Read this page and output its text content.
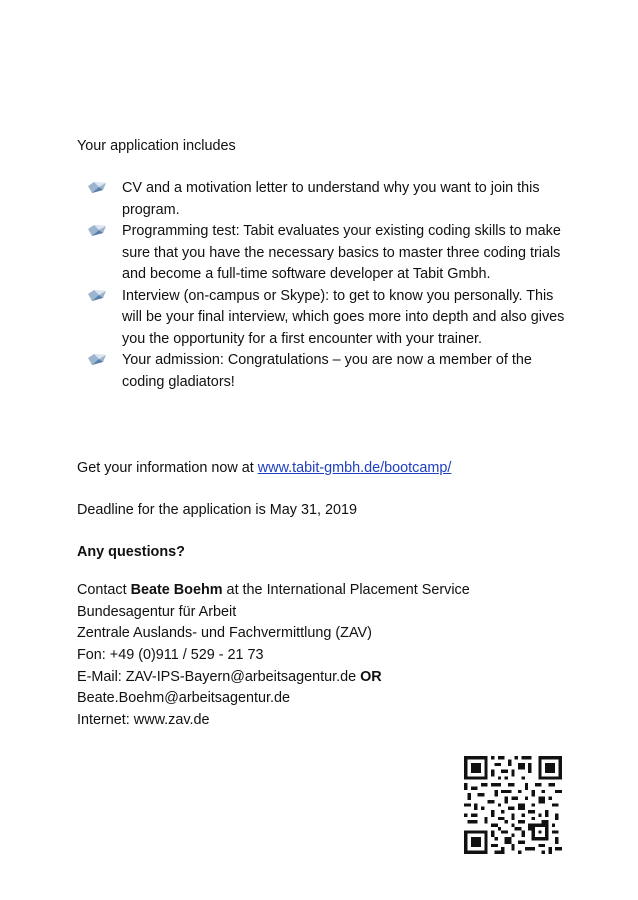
Your application includes
CV and a motivation letter to understand why you want to join this program.
Programming test: Tabit evaluates your existing coding skills to make sure that you have the necessary basics to master three coding trials and become a full-time software developer at Tabit Gmbh.
Interview (on-campus or Skype): to get to know you personally. This will be your final interview, which goes more into depth and also gives you the opportunity for a first encounter with your trainer.
Your admission: Congratulations – you are now a member of the coding gladiators!
Get your information now at www.tabit-gmbh.de/bootcamp/
Deadline for the application is May 31, 2019
Any questions?
Contact Beate Boehm at the International Placement Service
Bundesagentur für Arbeit
Zentrale Auslands- und Fachvermittlung (ZAV)
Fon: +49 (0)911 / 529 - 21 73
E-Mail: ZAV-IPS-Bayern@arbeitsagentur.de OR
Beate.Boehm@arbeitsagentur.de
Internet: www.zav.de
